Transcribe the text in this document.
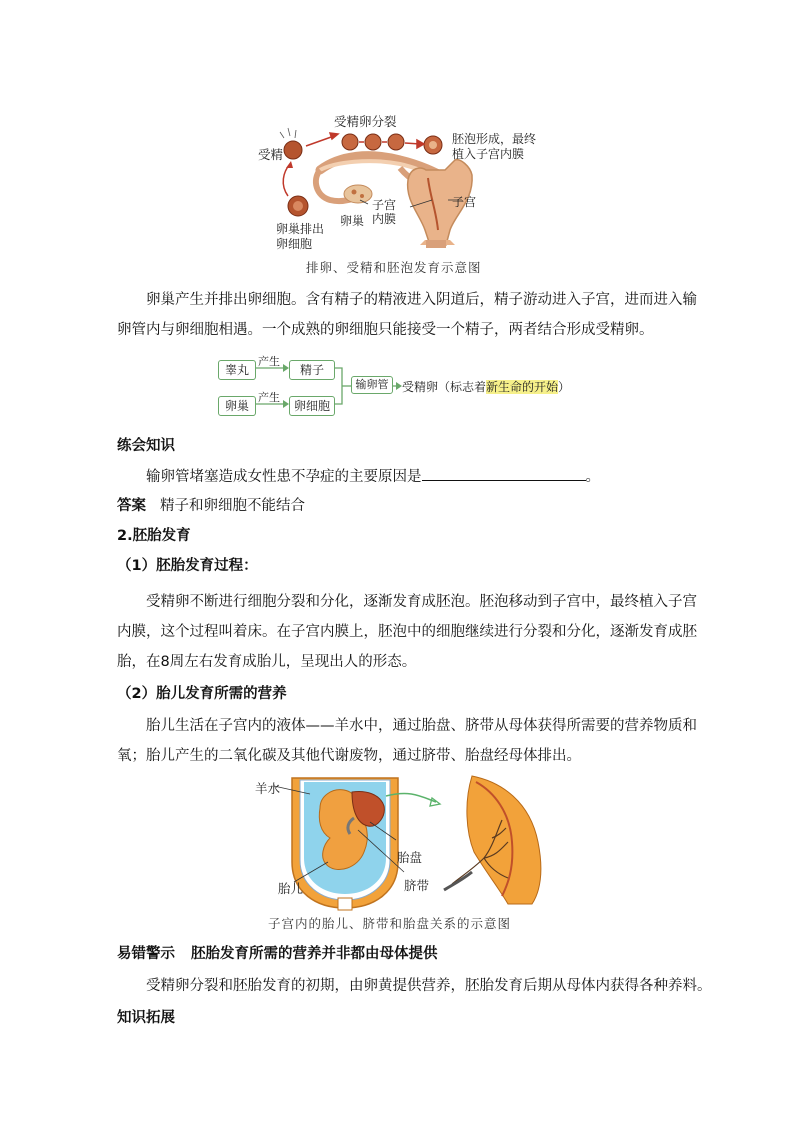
受精卵分裂
受精
胚泡形成，最终
植入子宫内膜
卵巢排出
卵细胞
卵巢
子宫
内膜
子宫
排卵、受精和胚泡发育示意图
卵巢产生并排出卵细胞。含有精子的精液进入阴道后，精子游动进入子宫，进而进入输
卵管内与卵细胞相遇。一个成熟的卵细胞只能接受一个精子，两者结合形成受精卵。
睾丸	精子
卵巢	卵细胞
产生
产生
输卵管	受精卵（标志着新生命的开始）
练会知识
输卵管堵塞造成女性患不孕症的主要原因是	。
答案 精子和卵细胞不能结合
2.胚胎发育
（1）胚胎发育过程：
受精卵不断进行细胞分裂和分化，逐渐发育成胚泡。胚泡移动到子宫中，最终植入子宫
内膜，这个过程叫着床。在子宫内膜上，胚泡中的细胞继续进行分裂和分化，逐渐发育成胚
胎，在8周左右发育成胎儿，呈现出人的形态。
（2）胎儿发育所需的营养
胎儿生活在子宫内的液体——羊水中，通过胎盘、脐带从母体获得所需要的营养物质和
氧；胎儿产生的二氧化碳及其他代谢废物，通过脐带、胎盘经母体排出。
羊水
胎盘
胎儿	脐带
子宫内的胎儿、脐带和胎盘关系的示意图
易错警示 胚胎发育所需的营养并非都由母体提供
受精卵分裂和胚胎发育的初期，由卵黄提供营养，胚胎发育后期从母体内获得各种养料。
知识拓展
